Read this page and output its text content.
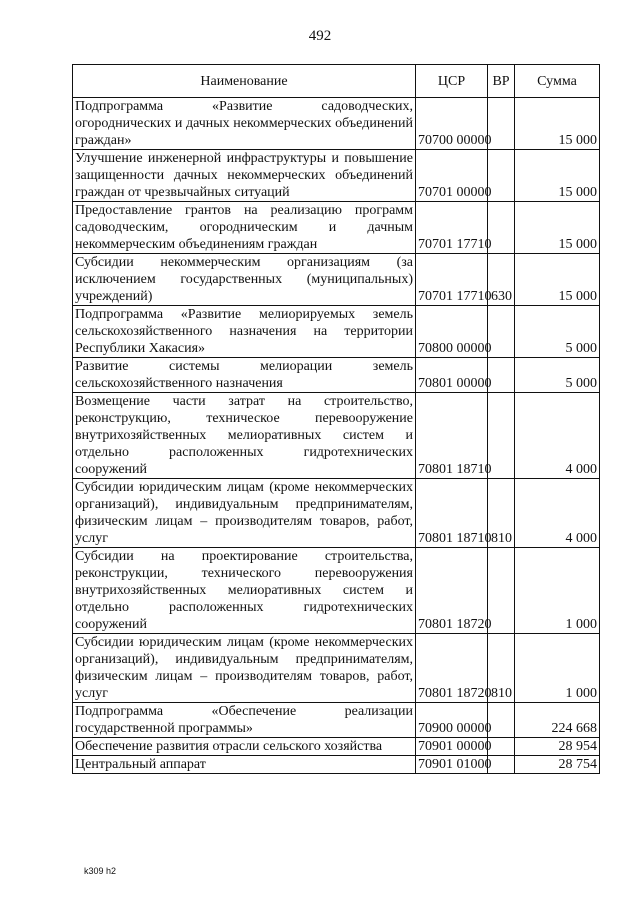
492
Наименование	ЦСР	ВР	Сумма
Подпрограмма «Развитие садоводческих, огороднических и дачных некоммерческих объединений граждан»	70700 00000		15 000
Улучшение инженерной инфраструктуры и повышение защищенности дачных некоммерческих объединений граждан от чрезвычайных ситуаций	70701 00000		15 000
Предоставление грантов на реализацию программ садоводческим, огородническим и дачным некоммерческим объединениям граждан	70701 17710		15 000
Субсидии некоммерческим организациям (за исключением государственных (муниципальных) учреждений)	70701 17710	630	15 000
Подпрограмма «Развитие мелиорируемых земель сельскохозяйственного назначения на территории Республики Хакасия»	70800 00000		5 000
Развитие системы мелиорации земель сельскохозяйственного назначения	70801 00000		5 000
Возмещение части затрат на строительство, реконструкцию, техническое перевооружение внутрихозяйственных мелиоративных систем и отдельно расположенных гидротехнических сооружений	70801 18710		4 000
Субсидии юридическим лицам (кроме некоммерческих организаций), индивидуальным предпринимателям, физическим лицам – производителям товаров, работ, услуг	70801 18710	810	4 000
Субсидии на проектирование строительства, реконструкции, технического перевооружения внутрихозяйственных мелиоративных систем и отдельно расположенных гидротехнических сооружений	70801 18720		1 000
Субсидии юридическим лицам (кроме некоммерческих организаций), индивидуальным предпринимателям, физическим лицам – производителям товаров, работ, услуг	70801 18720	810	1 000
Подпрограмма «Обеспечение реализации государственной программы»	70900 00000		224 668
Обеспечение развития отрасли сельского хозяйства	70901 00000		28 954
Центральный аппарат	70901 01000		28 754
k309 h2
